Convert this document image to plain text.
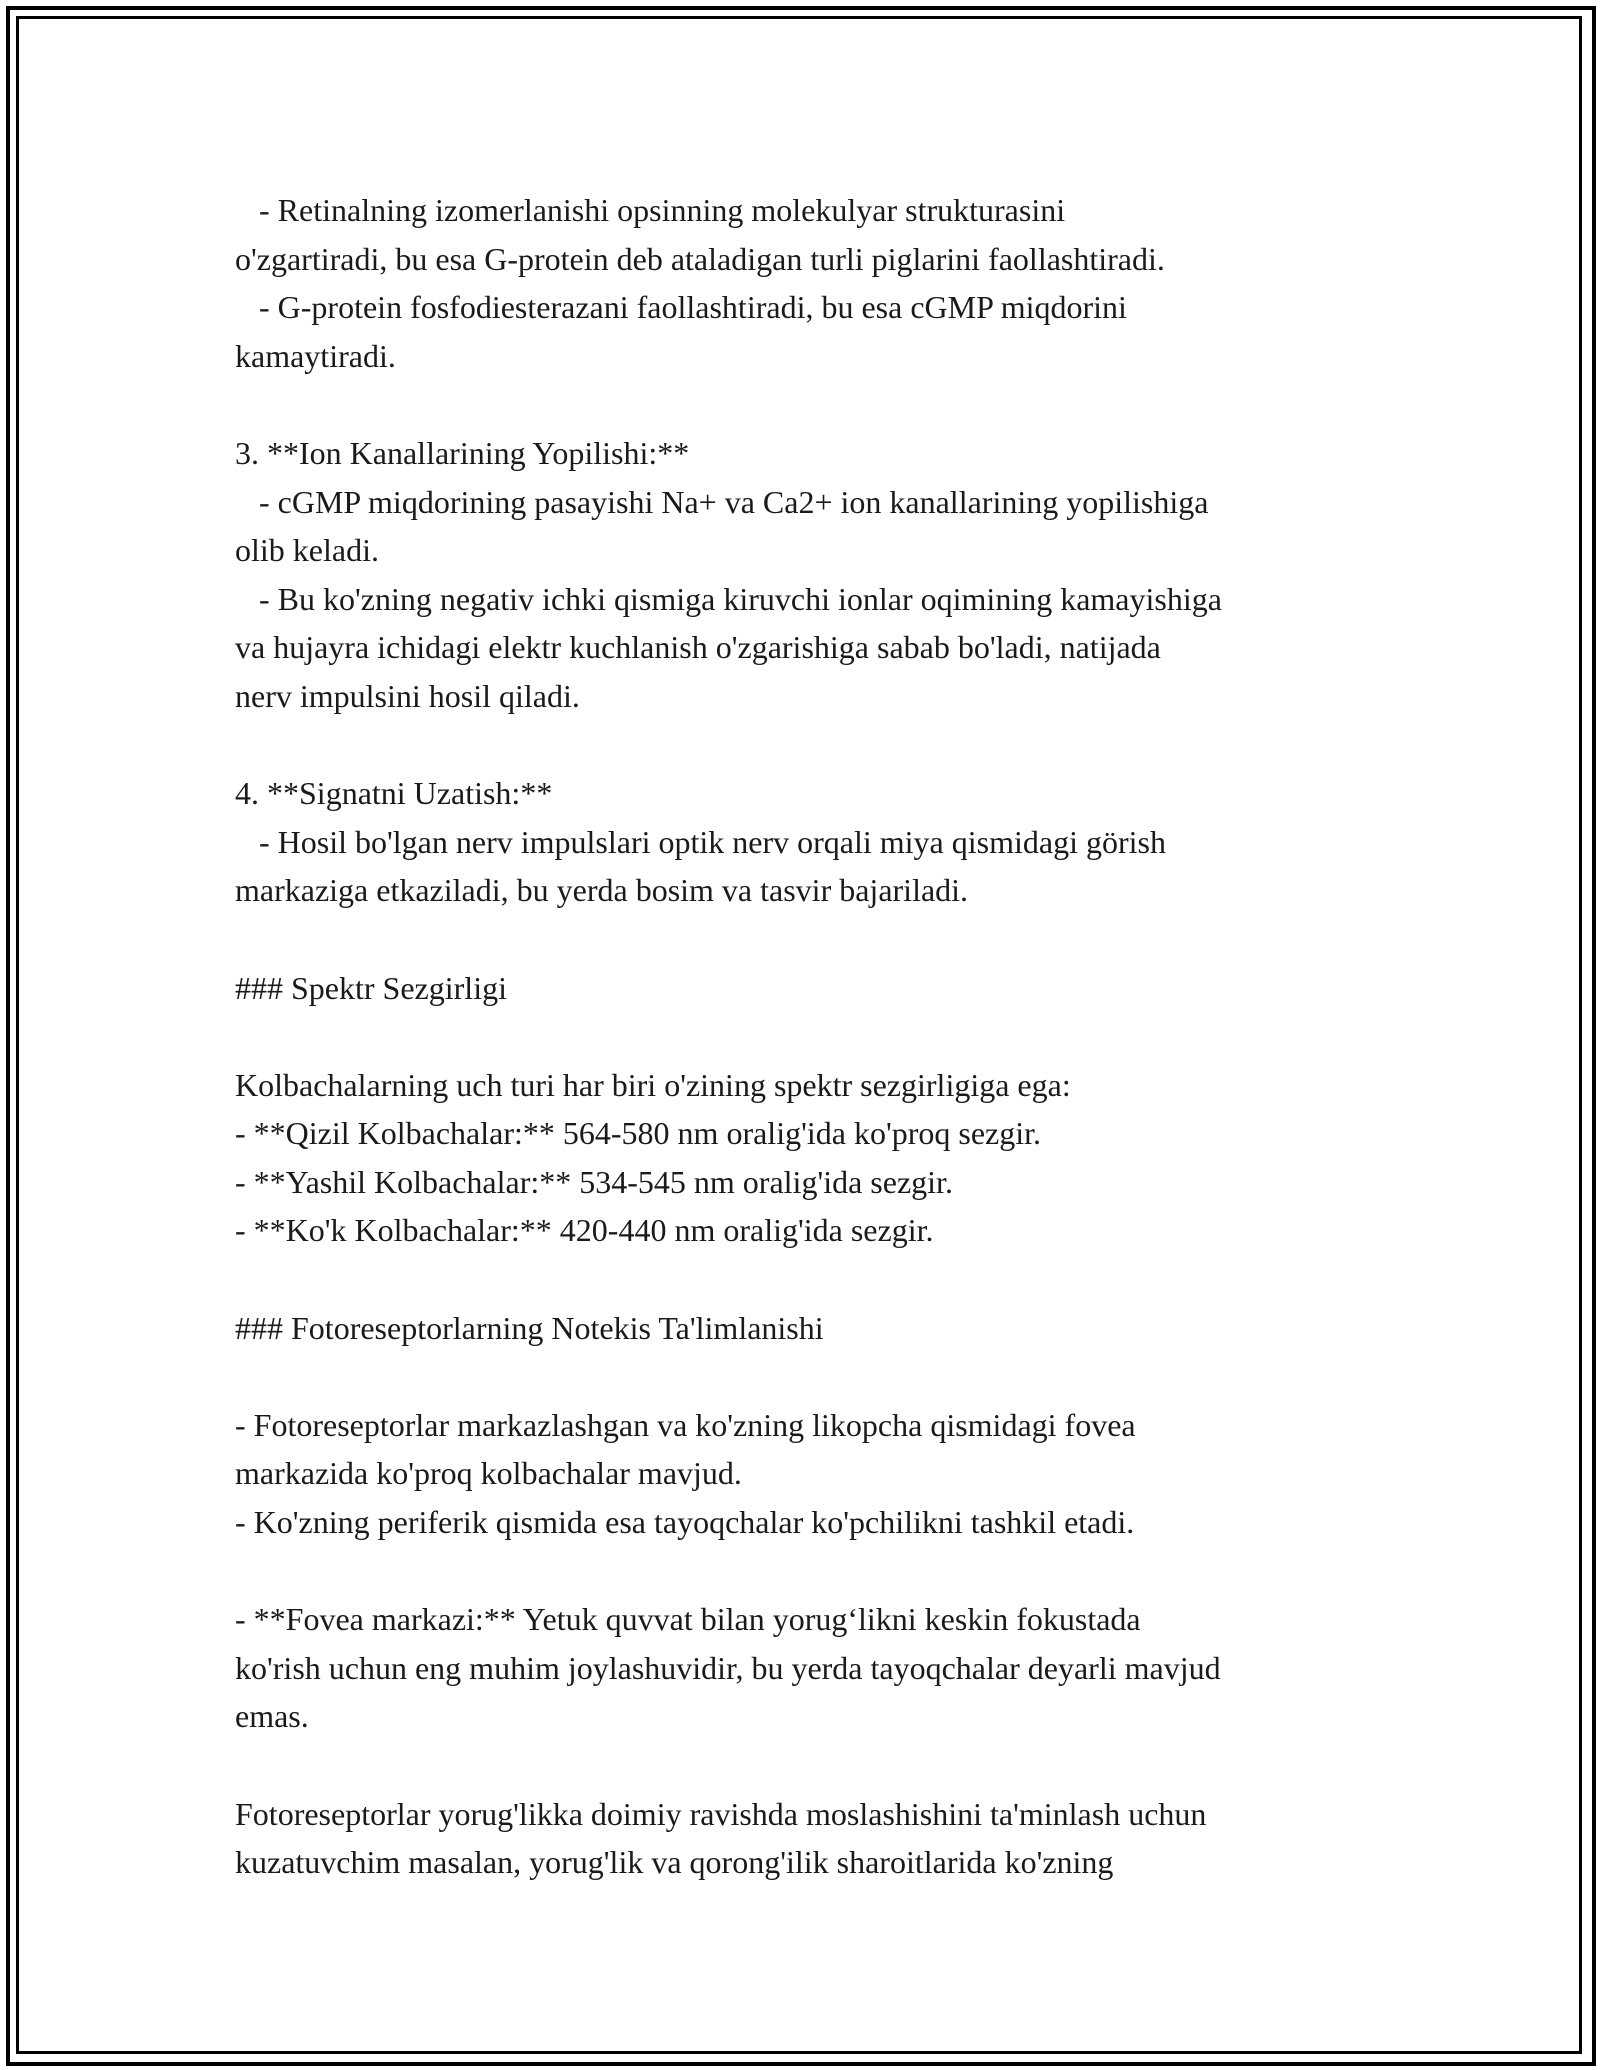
- Retinalning izomerlanishi opsinning molekulyar strukturasini
o'zgartiradi, bu esa G-protein deb ataladigan turli piglarini faollashtiradi.
- G-protein fosfodiesterazani faollashtiradi, bu esa cGMP miqdorini
kamaytiradi.
3. **Ion Kanallarining Yopilishi:**
- cGMP miqdorining pasayishi Na+ va Ca2+ ion kanallarining yopilishiga
olib keladi.
- Bu ko'zning negativ ichki qismiga kiruvchi ionlar oqimining kamayishiga
va hujayra ichidagi elektr kuchlanish o'zgarishiga sabab bo'ladi, natijada
nerv impulsini hosil qiladi.
4. **Signatni Uzatish:**
- Hosil bo'lgan nerv impulslari optik nerv orqali miya qismidagi görish
markaziga etkaziladi, bu yerda bosim va tasvir bajariladi.
### Spektr Sezgirligi
Kolbachalarning uch turi har biri o'zining spektr sezgirligiga ega:
- **Qizil Kolbachalar:** 564-580 nm oralig'ida ko'proq sezgir.
- **Yashil Kolbachalar:** 534-545 nm oralig'ida sezgir.
- **Ko'k Kolbachalar:** 420-440 nm oralig'ida sezgir.
### Fotoreseptorlarning Notekis Ta'limlanishi
- Fotoreseptorlar markazlashgan va ko'zning likopcha qismidagi fovea
markazida ko'proq kolbachalar mavjud.
- Ko'zning periferik qismida esa tayoqchalar ko'pchilikni tashkil etadi.
- **Fovea markazi:** Yetuk quvvat bilan yorug‘likni keskin fokustada
ko'rish uchun eng muhim joylashuvidir, bu yerda tayoqchalar deyarli mavjud
emas.
Fotoreseptorlar yorug'likka doimiy ravishda moslashishini ta'minlash uchun
kuzatuvchim masalan, yorug'lik va qorong'ilik sharoitlarida ko'zning
